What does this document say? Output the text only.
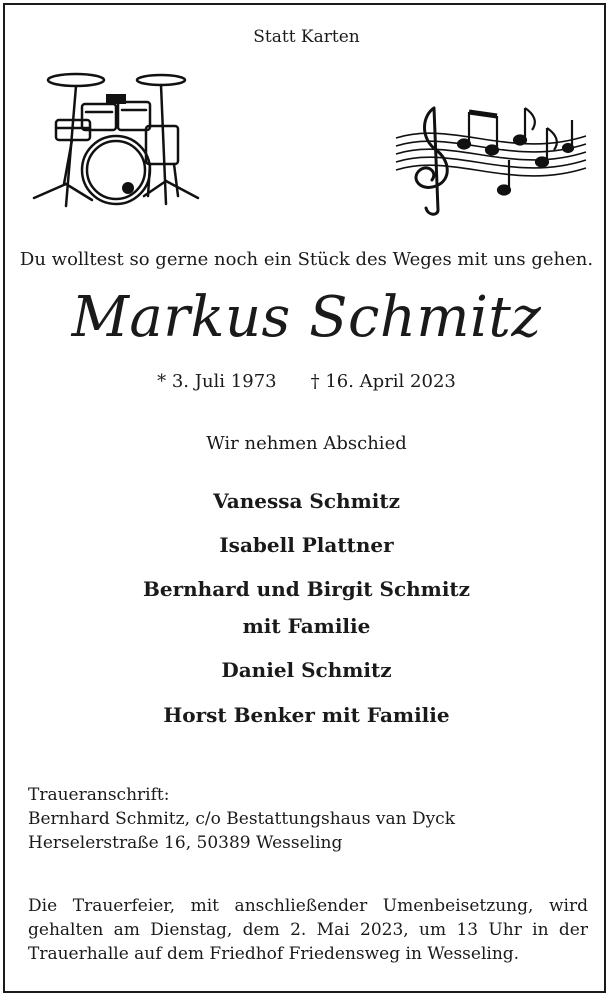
Statt Karten
Du wolltest so gerne noch ein Stück des Weges mit uns gehen.
Markus Schmitz
* 3. Juli 1973 † 16. April 2023
Wir nehmen Abschied
Vanessa Schmitz
Isabell Plattner
Bernhard und Birgit Schmitz
mit Familie
Daniel Schmitz
Horst Benker mit Familie
Traueranschrift:
Bernhard Schmitz, c/o Bestattungshaus van Dyck
Herselerstraße 16, 50389 Wesseling
Die Trauerfeier, mit anschließender Umenbeisetzung, wird
gehalten am Dienstag, dem 2. Mai 2023, um 13 Uhr in der
Trauerhalle auf dem Friedhof Friedensweg in Wesseling.
